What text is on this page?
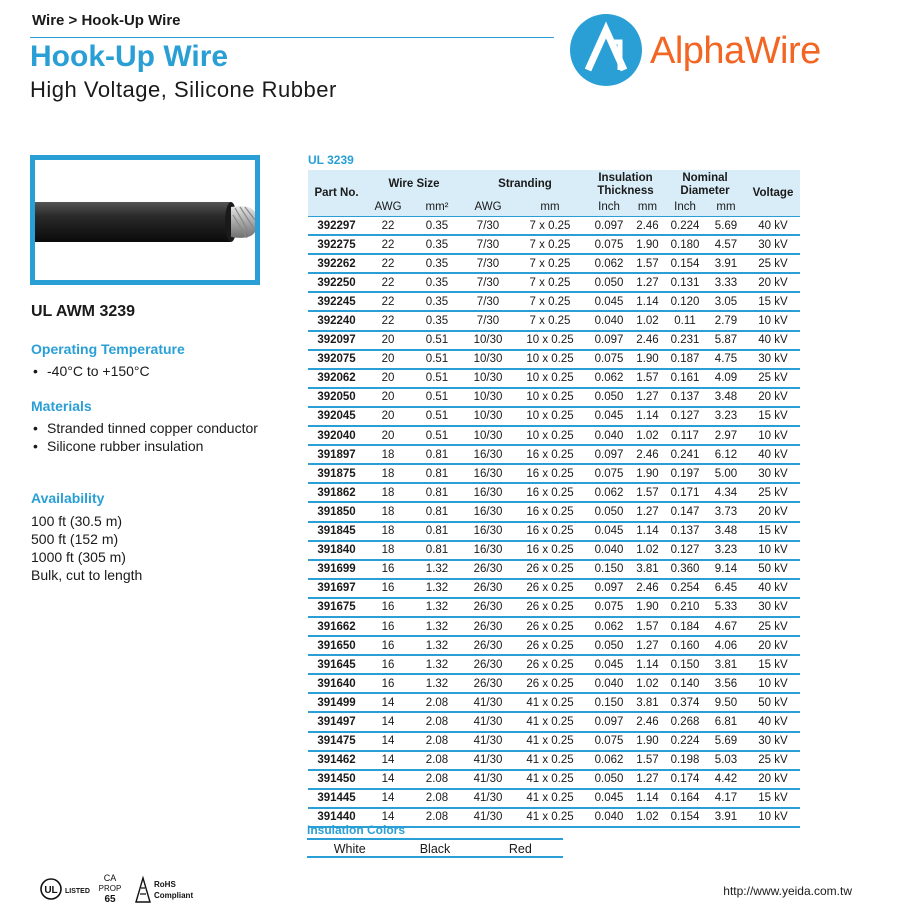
Wire > Hook-Up Wire
Hook-Up Wire
High Voltage, Silicone Rubber
AlphaWire
UL AWM 3239
Operating Temperature
• -40°C to +150°C
Materials
• Stranded tinned copper conductor
• Silicone rubber insulation
Availability
100 ft (30.5 m)
500 ft (152 m)
1000 ft (305 m)
Bulk, cut to length
UL 3239
Part No.	Wire Size		Stranding		Insulation Thickness		Nominal Diameter		Voltage
	AWG	mm²	AWG	mm	Inch	mm	Inch	mm	
392297	22	0.35	7/30	7 x 0.25	0.097	2.46	0.224	5.69	40 kV
392275	22	0.35	7/30	7 x 0.25	0.075	1.90	0.180	4.57	30 kV
392262	22	0.35	7/30	7 x 0.25	0.062	1.57	0.154	3.91	25 kV
392250	22	0.35	7/30	7 x 0.25	0.050	1.27	0.131	3.33	20 kV
392245	22	0.35	7/30	7 x 0.25	0.045	1.14	0.120	3.05	15 kV
392240	22	0.35	7/30	7 x 0.25	0.040	1.02	0.11	2.79	10 kV
392097	20	0.51	10/30	10 x 0.25	0.097	2.46	0.231	5.87	40 kV
392075	20	0.51	10/30	10 x 0.25	0.075	1.90	0.187	4.75	30 kV
392062	20	0.51	10/30	10 x 0.25	0.062	1.57	0.161	4.09	25 kV
392050	20	0.51	10/30	10 x 0.25	0.050	1.27	0.137	3.48	20 kV
392045	20	0.51	10/30	10 x 0.25	0.045	1.14	0.127	3.23	15 kV
392040	20	0.51	10/30	10 x 0.25	0.040	1.02	0.117	2.97	10 kV
391897	18	0.81	16/30	16 x 0.25	0.097	2.46	0.241	6.12	40 kV
391875	18	0.81	16/30	16 x 0.25	0.075	1.90	0.197	5.00	30 kV
391862	18	0.81	16/30	16 x 0.25	0.062	1.57	0.171	4.34	25 kV
391850	18	0.81	16/30	16 x 0.25	0.050	1.27	0.147	3.73	20 kV
391845	18	0.81	16/30	16 x 0.25	0.045	1.14	0.137	3.48	15 kV
391840	18	0.81	16/30	16 x 0.25	0.040	1.02	0.127	3.23	10 kV
391699	16	1.32	26/30	26 x 0.25	0.150	3.81	0.360	9.14	50 kV
391697	16	1.32	26/30	26 x 0.25	0.097	2.46	0.254	6.45	40 kV
391675	16	1.32	26/30	26 x 0.25	0.075	1.90	0.210	5.33	30 kV
391662	16	1.32	26/30	26 x 0.25	0.062	1.57	0.184	4.67	25 kV
391650	16	1.32	26/30	26 x 0.25	0.050	1.27	0.160	4.06	20 kV
391645	16	1.32	26/30	26 x 0.25	0.045	1.14	0.150	3.81	15 kV
391640	16	1.32	26/30	26 x 0.25	0.040	1.02	0.140	3.56	10 kV
391499	14	2.08	41/30	41 x 0.25	0.150	3.81	0.374	9.50	50 kV
391497	14	2.08	41/30	41 x 0.25	0.097	2.46	0.268	6.81	40 kV
391475	14	2.08	41/30	41 x 0.25	0.075	1.90	0.224	5.69	30 kV
391462	14	2.08	41/30	41 x 0.25	0.062	1.57	0.198	5.03	25 kV
391450	14	2.08	41/30	41 x 0.25	0.050	1.27	0.174	4.42	20 kV
391445	14	2.08	41/30	41 x 0.25	0.045	1.14	0.164	4.17	15 kV
391440	14	2.08	41/30	41 x 0.25	0.040	1.02	0.154	3.91	10 kV
Insulation Colors
White	Black	Red
UL LISTED
CA
PROP
65
RoHS
Compliant	http://www.yeida.com.tw
